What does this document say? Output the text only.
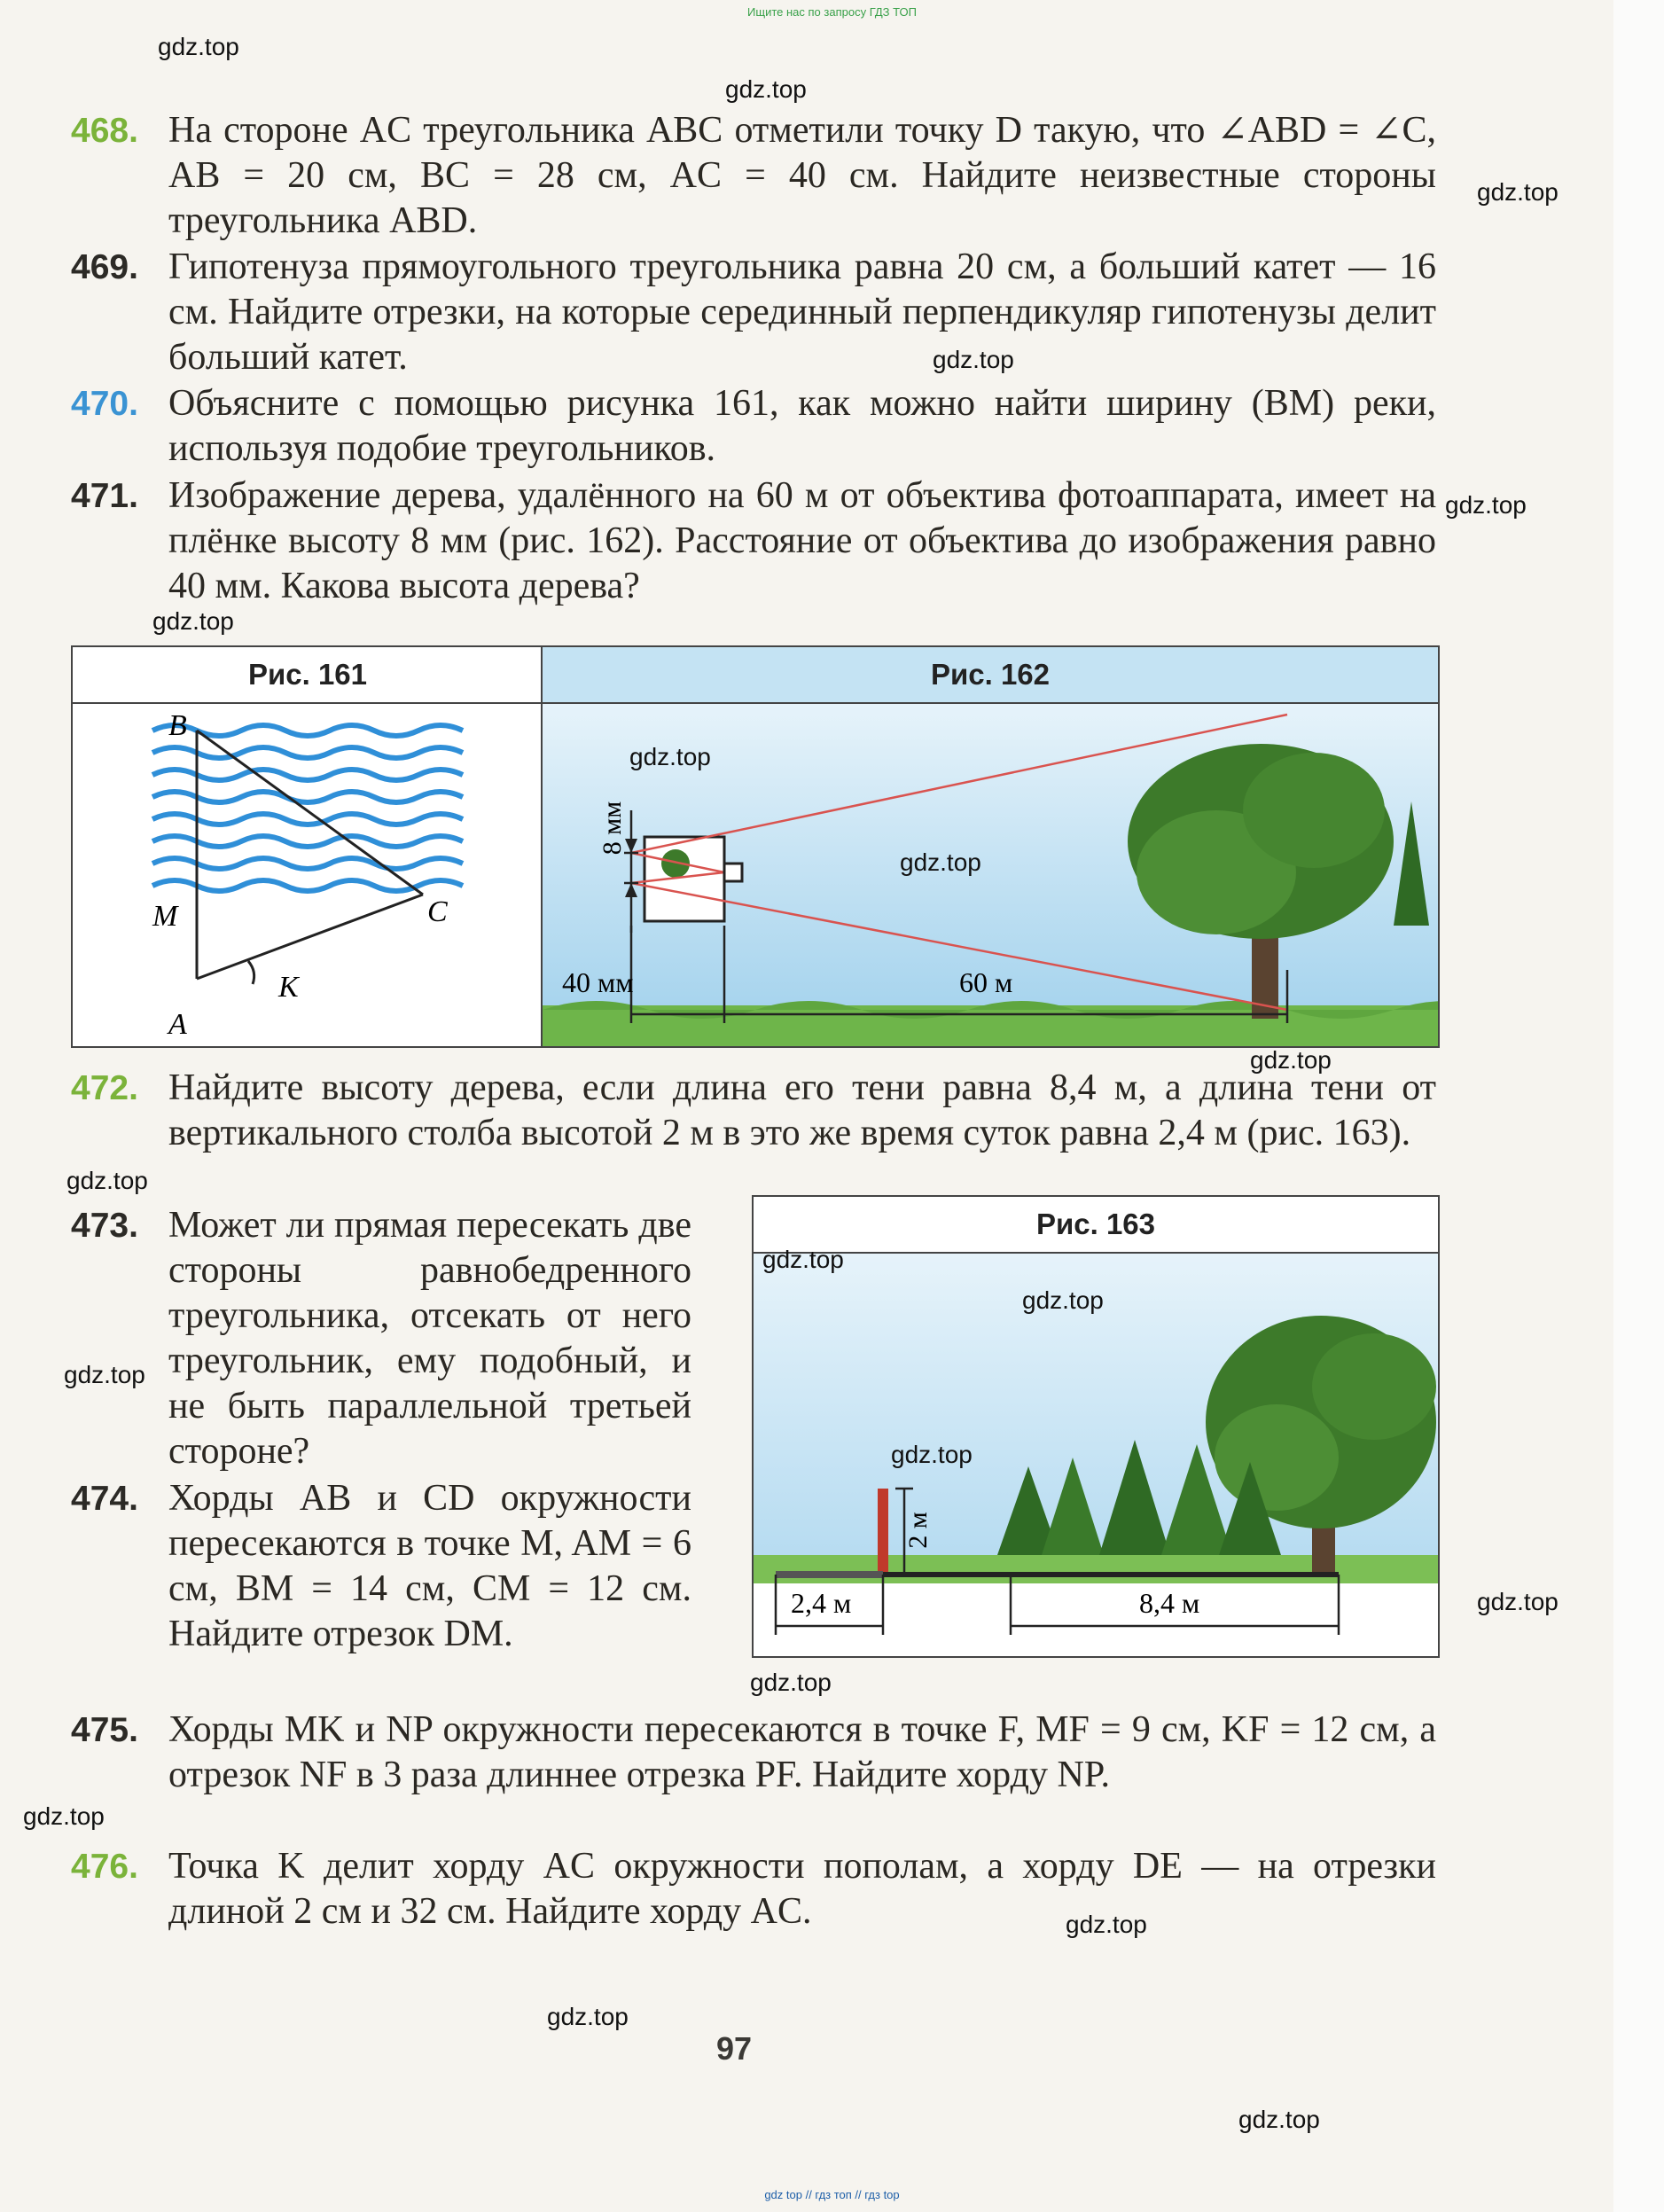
Ищите нас по запросу ГДЗ ТОП
gdz.top
gdz.top
gdz.top
gdz.top
gdz.top
gdz.top
gdz.top
gdz.top
gdz.top
gdz.top
gdz.top
gdz.top
gdz.top
gdz.top
gdz.top
gdz.top
gdz.top
gdz.top
gdz.top
gdz.top
468. На стороне AC треугольника ABC отметили точку D такую, что ∠ABD = ∠C, AB = 20 см, BC = 28 см, AC = 40 см. Найдите неизвестные стороны треугольника ABD.
469. Гипотенуза прямоугольного треугольника равна 20 см, а больший катет — 16 см. Найдите отрезки, на которые серединный перпендикуляр гипотенузы делит больший катет.
470. Объясните с помощью рисунка 161, как можно найти ширину (BM) реки, используя подобие треугольников.
471. Изображение дерева, удалённого на 60 м от объектива фотоаппарата, имеет на плёнке высоту 8 мм (рис. 162). Расстояние от объектива до изображения равно 40 мм. Какова высота дерева?
Рис. 161
B
M	C
K
A
Рис. 162
8 мм
40 мм	60 м
472. Найдите высоту дерева, если длина его тени равна 8,4 м, а длина тени от вертикального столба высотой 2 м в это же время суток равна 2,4 м (рис. 163).
473. Может ли прямая пересекать две стороны равнобедренного треугольника, отсекать от него треугольник, ему подобный, и не быть параллельной третьей стороне?
474. Хорды AB и CD окружности пересекаются в точке M, AM = 6 см, BM = 14 см, CM = 12 см. Найдите отрезок DM.
Рис. 163
2 м
2,4 м	8,4 м
475. Хорды MK и NP окружности пересекаются в точке F, MF = 9 см, KF = 12 см, а отрезок NF в 3 раза длиннее отрезка PF. Найдите хорду NP.
476. Точка K делит хорду AC окружности пополам, а хорду DE — на отрезки длиной 2 см и 32 см. Найдите хорду AC.
97
gdz top // гдз топ // гдз top
